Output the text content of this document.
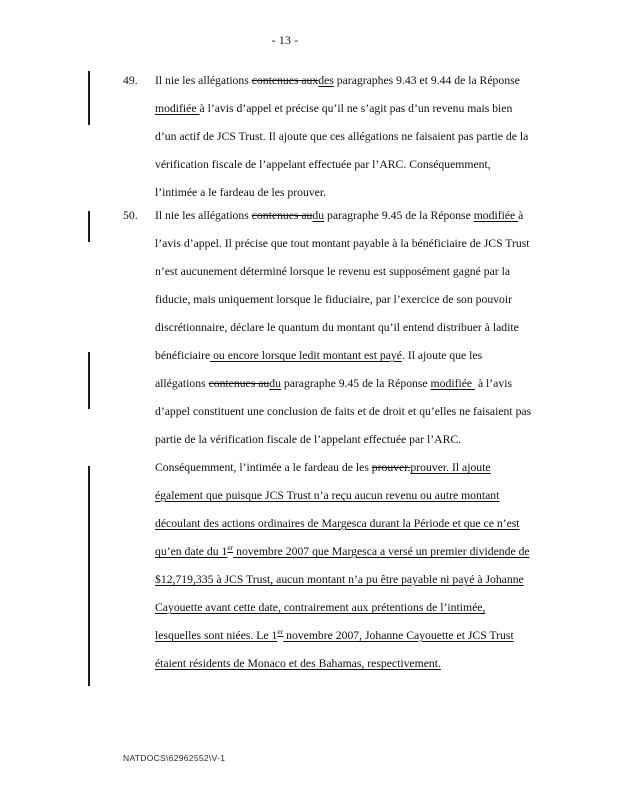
- 13 -
49. Il nie les allégations contenues auxdes paragraphes 9.43 et 9.44 de la Réponse
modifiée à l’avis d’appel et précise qu’il ne s’agit pas d’un revenu mais bien
d’un actif de JCS Trust. Il ajoute que ces allégations ne faisaient pas partie de la
vérification fiscale de l’appelant effectuée par l’ARC. Conséquemment,
l’intimée a le fardeau de les prouver.
50. Il nie les allégations contenues audu paragraphe 9.45 de la Réponse modifiée à
l’avis d’appel. Il précise que tout montant payable à la bénéficiaire de JCS Trust
n’est aucunement déterminé lorsque le revenu est supposément gagné par la
fiducie, mais uniquement lorsque le fiduciaire, par l’exercice de son pouvoir
discrétionnaire, déclare le quantum du montant qu’il entend distribuer à ladite
bénéficiaire ou encore lorsque ledit montant est payé. Il ajoute que les
allégations contenues audu paragraphe 9.45 de la Réponse modifiée  à l’avis
d’appel constituent une conclusion de faits et de droit et qu’elles ne faisaient pas
partie de la vérification fiscale de l’appelant effectuée par l’ARC.
Conséquemment, l’intimée a le fardeau de les prouver.prouver. Il ajoute
également que puisque JCS Trust n’a reçu aucun revenu ou autre montant
découlant des actions ordinaires de Margesca durant la Période et que ce n’est
qu’en date du 1er novembre 2007 que Margesca a versé un premier dividende de
$12,719,335 à JCS Trust, aucun montant n’a pu être payable ni payé à Johanne
Cayouette avant cette date, contrairement aux prétentions de l’intimée,
lesquelles sont niées. Le 1er novembre 2007, Johanne Cayouette et JCS Trust
étaient résidents de Monaco et des Bahamas, respectivement.
NATDOCS\62962552\V-1
